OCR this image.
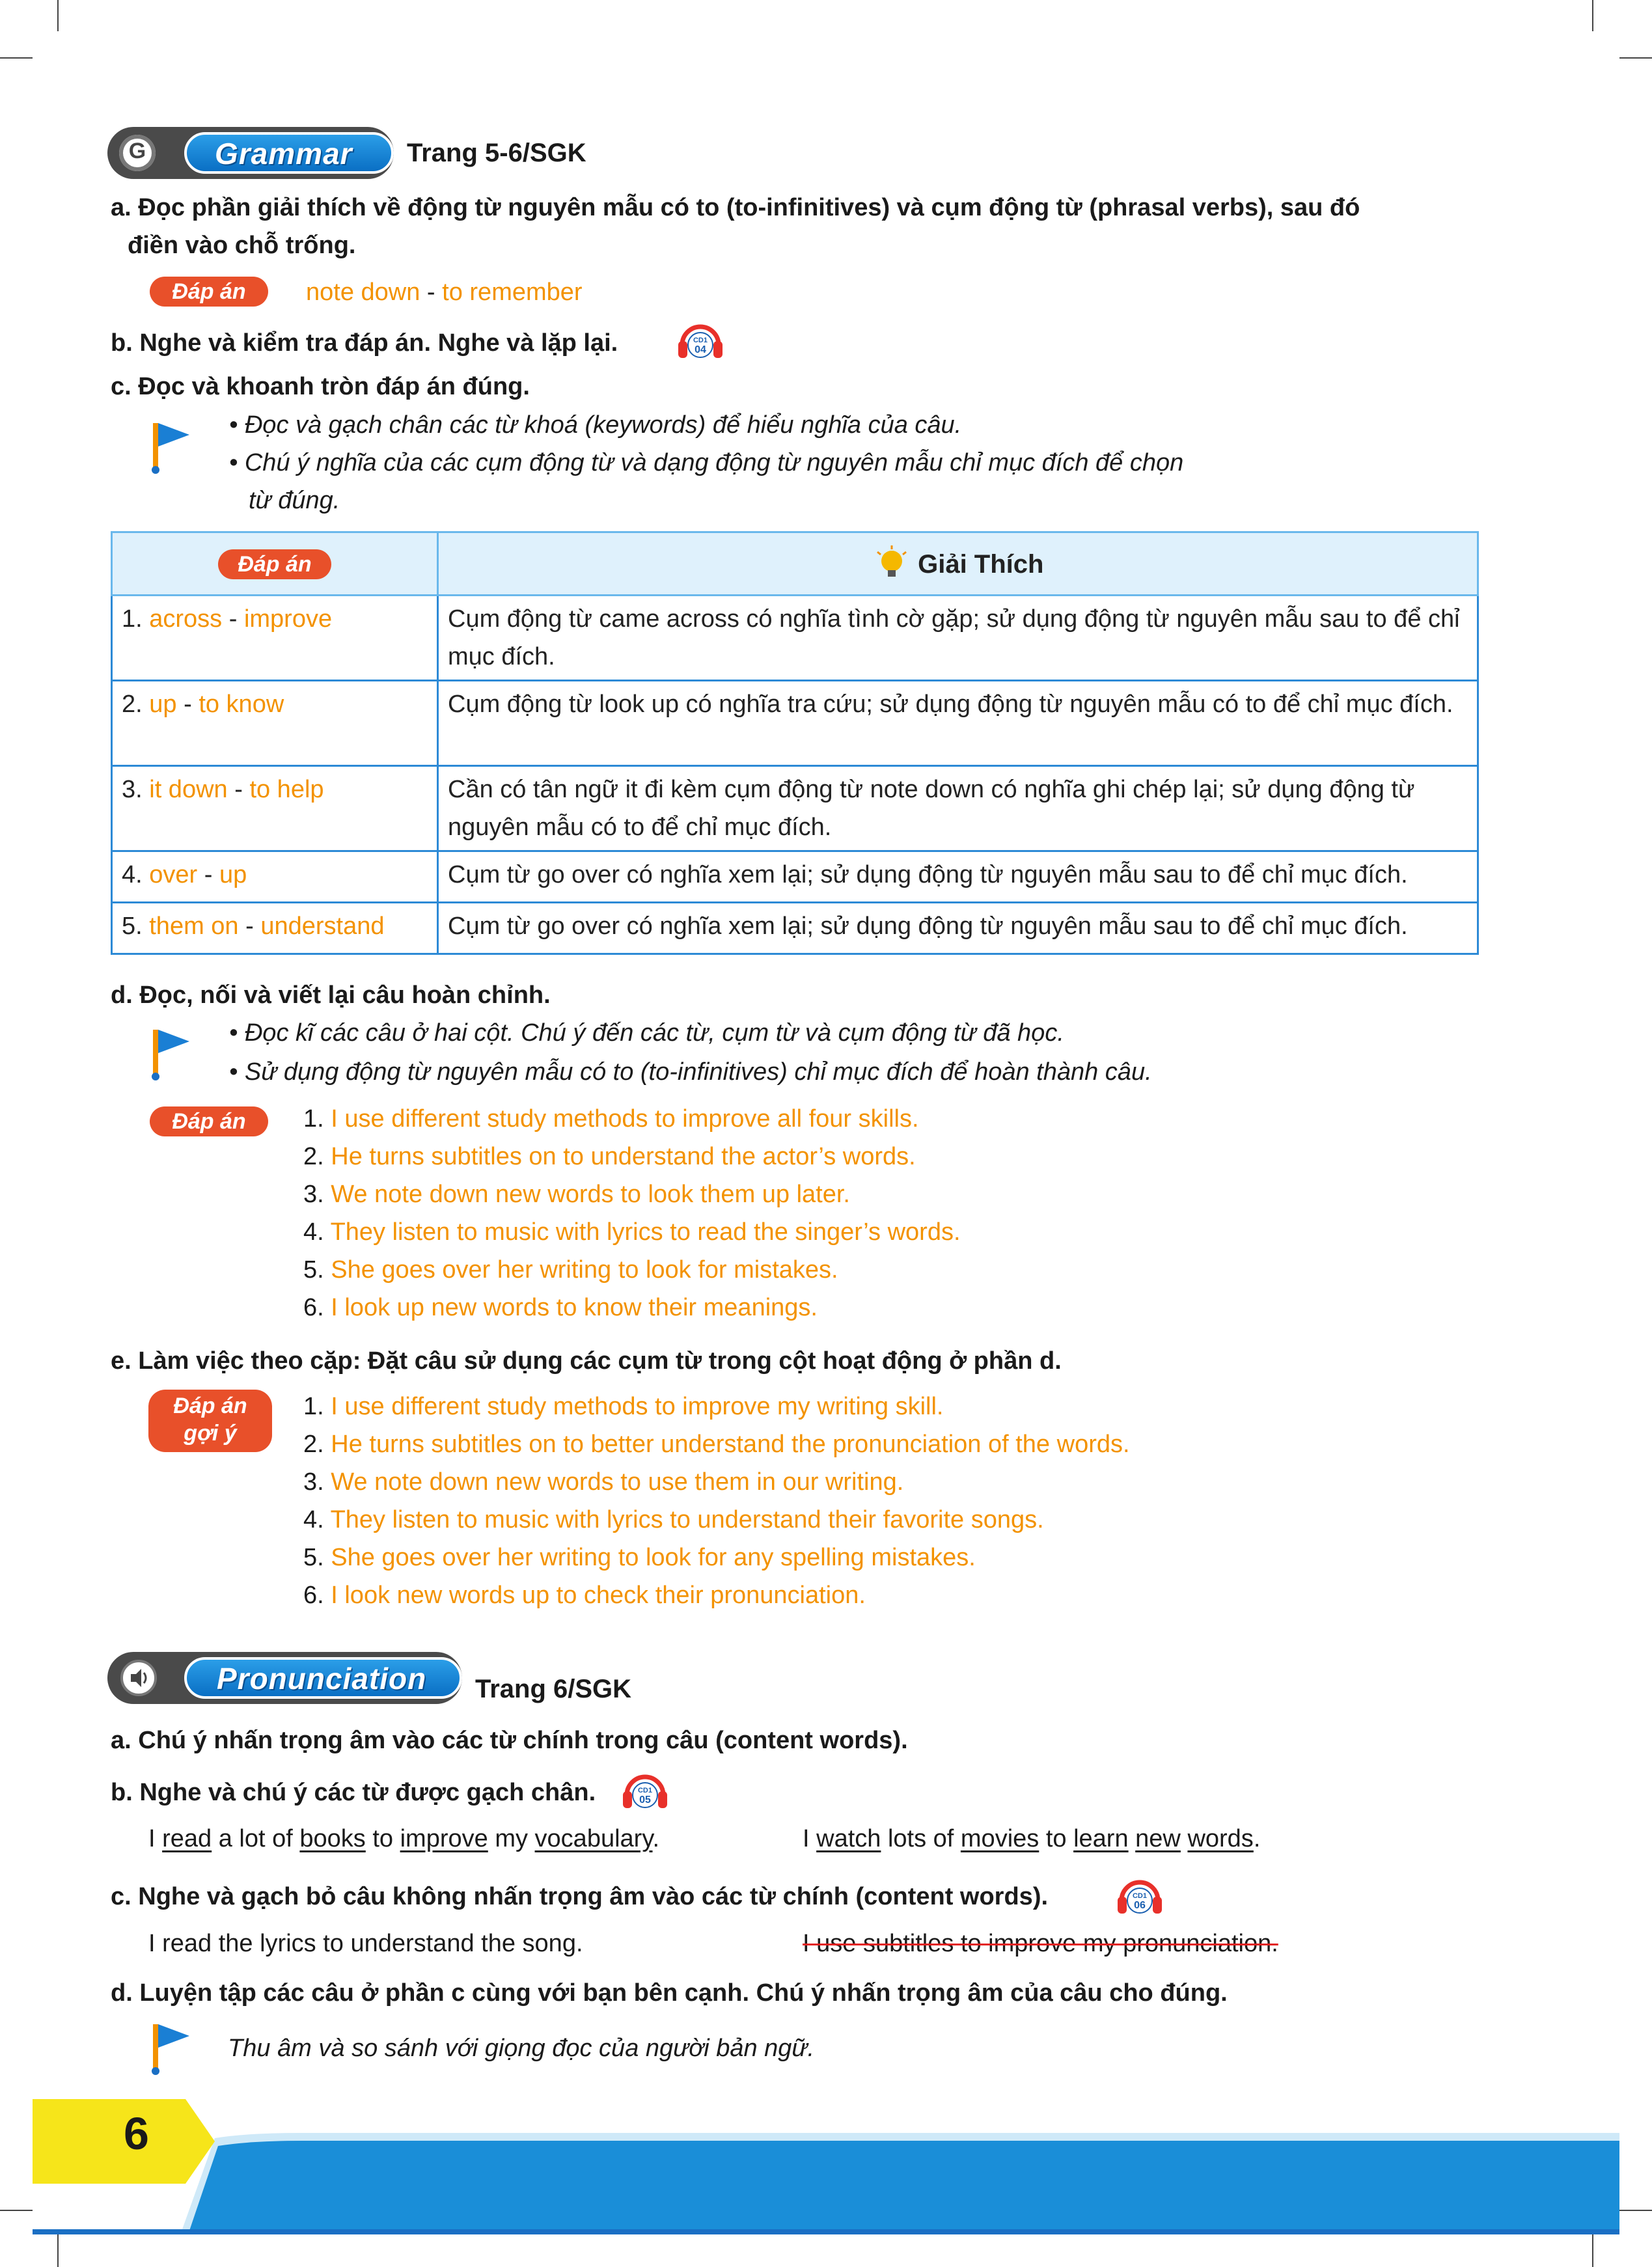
G	Grammar Trang 5-6/SGK
a. Đọc phần giải thích về động từ nguyên mẫu có to (to-infinitives) và cụm động từ (phrasal verbs), sau đó
điền vào chỗ trống.
Đáp án	note down - to remember
b. Nghe và kiểm tra đáp án. Nghe và lặp lại.	CD1
04
c. Đọc và khoanh tròn đáp án đúng.
• Đọc và gạch chân các từ khoá (keywords) để hiểu nghĩa của câu.
• Chú ý nghĩa của các cụm động từ và dạng động từ nguyên mẫu chỉ mục đích để chọn
từ đúng.
Đáp án	Giải Thích
1. across - improve	Cụm động từ came across có nghĩa tình cờ gặp; sử dụng động từ nguyên mẫu sau to để chỉ mục đích.
2. up - to know	Cụm động từ look up có nghĩa tra cứu; sử dụng động từ nguyên mẫu có to để chỉ mục đích.
3. it down - to help	Cần có tân ngữ it đi kèm cụm động từ note down có nghĩa ghi chép lại; sử dụng động từ nguyên mẫu có to để chỉ mục đích.
4. over - up	Cụm từ go over có nghĩa xem lại; sử dụng động từ nguyên mẫu sau to để chỉ mục đích.
5. them on - understand	Cụm từ go over có nghĩa xem lại; sử dụng động từ nguyên mẫu sau to để chỉ mục đích.
d. Đọc, nối và viết lại câu hoàn chỉnh.
• Đọc kĩ các câu ở hai cột. Chú ý đến các từ, cụm từ và cụm động từ đã học.
• Sử dụng động từ nguyên mẫu có to (to-infinitives) chỉ mục đích để hoàn thành câu.
Đáp án	1. I use different study methods to improve all four skills.
2. He turns subtitles on to understand the actor’s words.
3. We note down new words to look them up later.
4. They listen to music with lyrics to read the singer’s words.
5. She goes over her writing to look for mistakes.
6. I look up new words to know their meanings.
e. Làm việc theo cặp: Đặt câu sử dụng các cụm từ trong cột hoạt động ở phần d.
Đáp án
gợi ý
1. I use different study methods to improve my writing skill.
2. He turns subtitles on to better understand the pronunciation of the words.
3. We note down new words to use them in our writing.
4. They listen to music with lyrics to understand their favorite songs.
5. She goes over her writing to look for any spelling mistakes.
6. I look new words up to check their pronunciation.
Pronunciation Trang 6/SGK
a. Chú ý nhấn trọng âm vào các từ chính trong câu (content words).
b. Nghe và chú ý các từ được gạch chân.	CD1
05
I read a lot of books to improve my vocabulary.	I watch lots of movies to learn new words.
c. Nghe và gạch bỏ câu không nhấn trọng âm vào các từ chính (content words).	CD1
06
I read the lyrics to understand the song.	I use subtitles to improve my pronunciation.
d. Luyện tập các câu ở phần c cùng với bạn bên cạnh. Chú ý nhấn trọng âm của câu cho đúng.
Thu âm và so sánh với giọng đọc của người bản ngữ.
6
